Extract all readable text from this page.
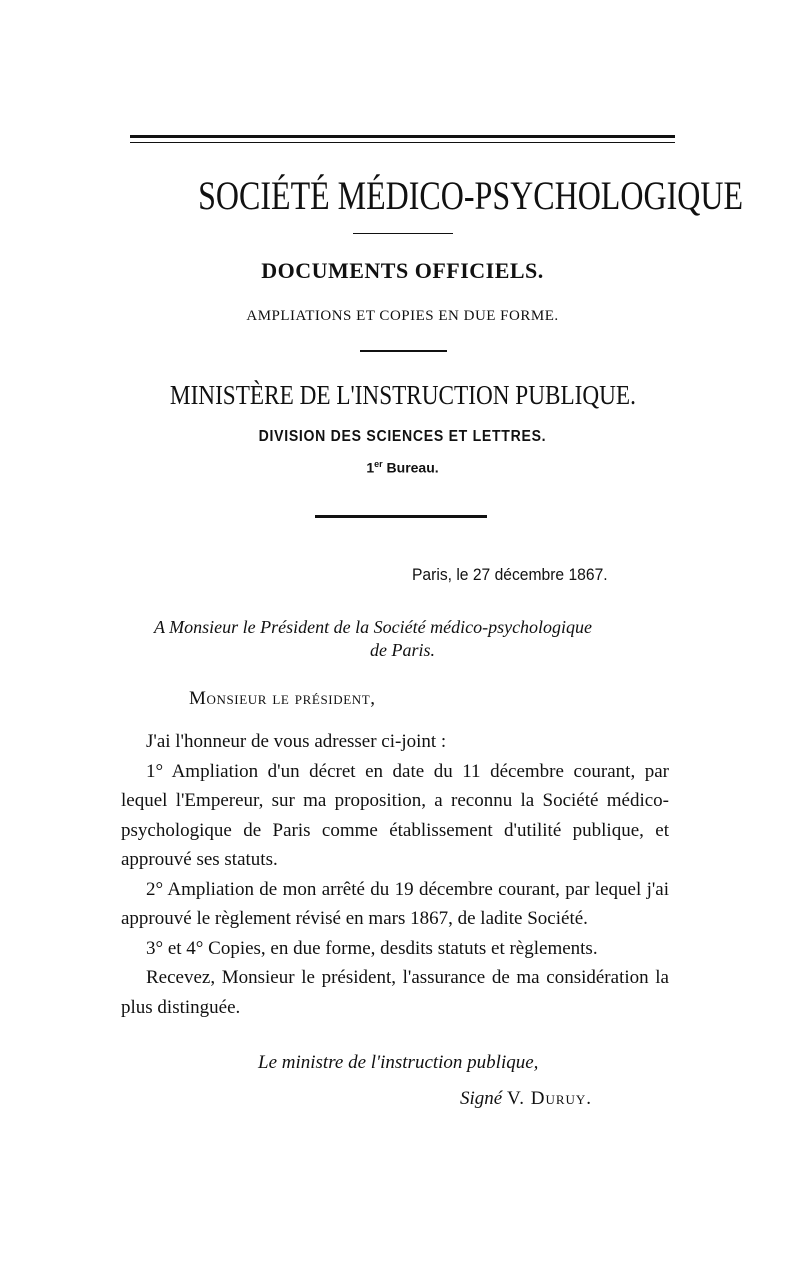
SOCIÉTÉ MÉDICO-PSYCHOLOGIQUE
DOCUMENTS OFFICIELS.
AMPLIATIONS ET COPIES EN DUE FORME.
MINISTÈRE DE L'INSTRUCTION PUBLIQUE.
DIVISION DES SCIENCES ET LETTRES.
1er Bureau.
Paris, le 27 décembre 1867.
A Monsieur le Président de la Société médico-psychologique
de Paris.
Monsieur le président,

J'ai l'honneur de vous adresser ci-joint :

1° Ampliation d'un décret en date du 11 décembre courant, par lequel l'Empereur, sur ma proposition, a reconnu la Société médico-psychologique de Paris comme établissement d'utilité publique, et approuvé ses statuts.

2° Ampliation de mon arrêté du 19 décembre courant, par lequel j'ai approuvé le règlement révisé en mars 1867, de ladite Société.

3° et 4° Copies, en due forme, desdits statuts et règlements.

Recevez, Monsieur le président, l'assurance de ma considération la plus distinguée.

Le ministre de l'instruction publique,
Signé V. Duruy.
